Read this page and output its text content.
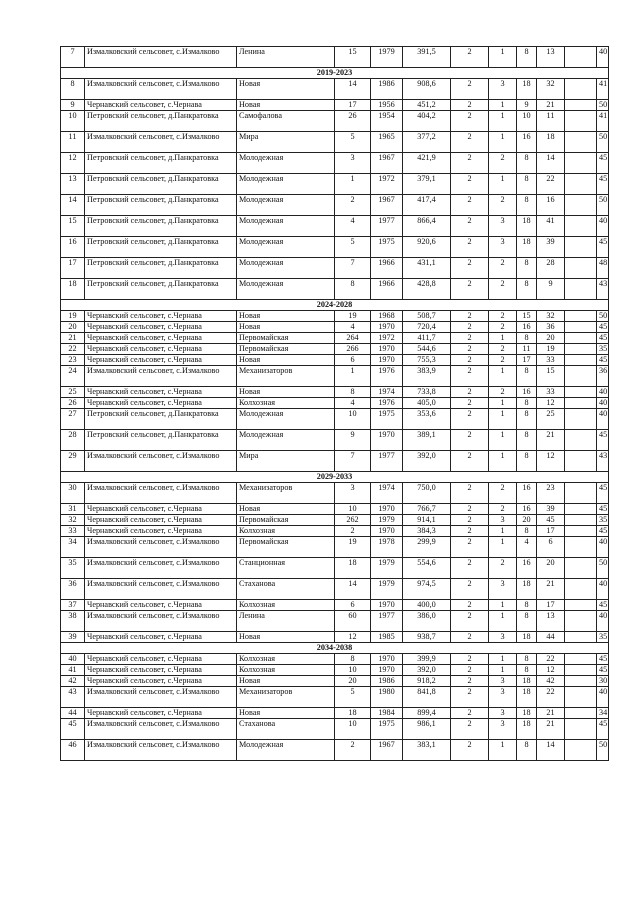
7	Измалковский сельсовет, с.Измалково	Ленина	15	1979	391,5	2	1	8	13		40
2019-2023											
8	Измалковский сельсовет, с.Измалково	Новая	14	1986	908,6	2	3	18	32		41
9	Чернавский сельсовет, с.Чернава	Новая	17	1956	451,2	2	1	9	21		50
10	Петровский сельсовет, д.Панкратовка	Самофалова	26	1954	404,2	2	1	10	11		41
11	Измалковский сельсовет, с.Измалково	Мира	5	1965	377,2	2	1	16	18		50
12	Петровский сельсовет, д.Панкратовка	Молодежная	3	1967	421,9	2	2	8	14		45
13	Петровский сельсовет, д.Панкратовка	Молодежная	1	1972	379,1	2	1	8	22		45
14	Петровский сельсовет, д.Панкратовка	Молодежная	2	1967	417,4	2	2	8	16		50
15	Петровский сельсовет, д.Панкратовка	Молодежная	4	1977	866,4	2	3	18	41		40
16	Петровский сельсовет, д.Панкратовка	Молодежная	5	1975	920,6	2	3	18	39		45
17	Петровский сельсовет, д.Панкратовка	Молодежная	7	1966	431,1	2	2	8	28		48
18	Петровский сельсовет, д.Панкратовка	Молодежная	8	1966	428,8	2	2	8	9		43
2024-2028											
19	Чернавский сельсовет, с.Чернава	Новая	19	1968	508,7	2	2	15	32		50
20	Чернавский сельсовет, с.Чернава	Новая	4	1970	720,4	2	2	16	36		45
21	Чернавский сельсовет, с.Чернава	Первомайская	264	1972	411,7	2	1	8	20		45
22	Чернавский сельсовет, с.Чернава	Первомайская	266	1970	544,6	2	2	11	19		35
23	Чернавский сельсовет, с.Чернава	Новая	6	1970	755,3	2	2	17	33		45
24	Измалковский сельсовет, с.Измалково	Механизаторов	1	1976	383,9	2	1	8	15		36
25	Чернавский сельсовет, с.Чернава	Новая	8	1974	733,8	2	2	16	33		40
26	Чернавский сельсовет, с.Чернава	Колхозная	4	1976	405,0	2	1	8	12		40
27	Петровский сельсовет, д.Панкратовка	Молодежная	10	1975	353,6	2	1	8	25		40
28	Петровский сельсовет, д.Панкратовка	Молодежная	9	1970	389,1	2	1	8	21		45
29	Измалковский сельсовет, с.Измалково	Мира	7	1977	392,0	2	1	8	12		43
2029-2033											
30	Измалковский сельсовет, с.Измалково	Механизаторов	3	1974	750,0	2	2	16	23		45
31	Чернавский сельсовет, с.Чернава	Новая	10	1970	766,7	2	2	16	39		45
32	Чернавский сельсовет, с.Чернава	Первомайская	262	1979	914,1	2	3	20	45		35
33	Чернавский сельсовет, с.Чернава	Колхозная	2	1970	384,3	2	1	8	17		45
34	Измалковский сельсовет, с.Измалково	Первомайская	19	1978	299,9	2	1	4	6		40
35	Измалковский сельсовет, с.Измалково	Станционная	18	1979	554,6	2	2	16	20		50
36	Измалковский сельсовет, с.Измалково	Стаханова	14	1979	974,5	2	3	18	21		40
37	Чернавский сельсовет, с.Чернава	Колхозная	6	1970	400,0	2	1	8	17		45
38	Измалковский сельсовет, с.Измалково	Ленина	60	1977	386,0	2	1	8	13		40
39	Чернавский сельсовет, с.Чернава	Новая	12	1985	938,7	2	3	18	44		35
2034-2038											
40	Чернавский сельсовет, с.Чернава	Колхозная	8	1970	399,9	2	1	8	22		45
41	Чернавский сельсовет, с.Чернава	Колхозная	10	1970	392,0	2	1	8	12		45
42	Чернавский сельсовет, с.Чернава	Новая	20	1986	918,2	2	3	18	42		30
43	Измалковский сельсовет, с.Измалково	Механизаторов	5	1980	841,8	2	3	18	22		40
44	Чернавский сельсовет, с.Чернава	Новая	18	1984	899,4	2	3	18	21		34
45	Измалковский сельсовет, с.Измалково	Стаханова	10	1975	986,1	2	3	18	21		45
46	Измалковский сельсовет, с.Измалково	Молодежная	2	1967	383,1	2	1	8	14		50
